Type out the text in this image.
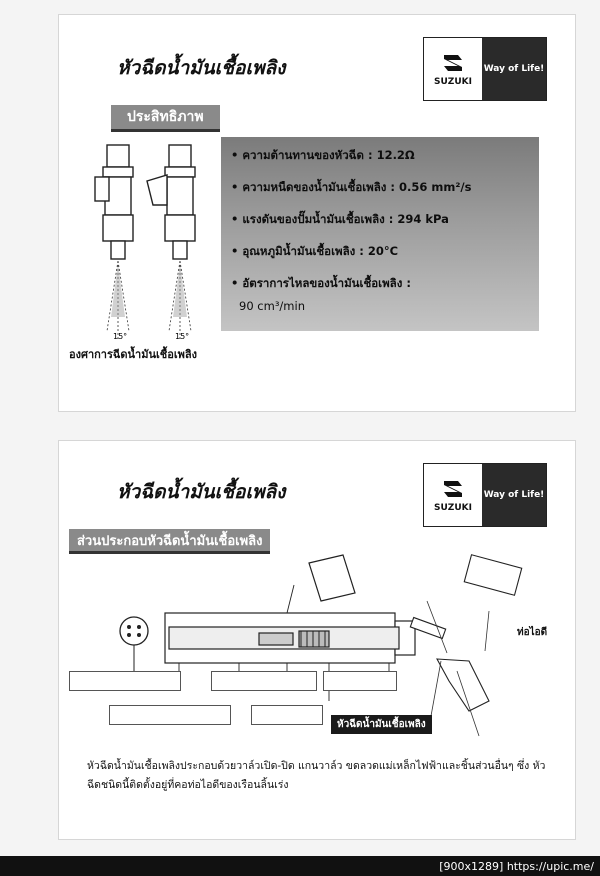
หัวฉีดน้ำมันเชื้อเพลิง
SUZUKI
Way of Life!
ประสิทธิภาพ
15°	15°
• ความต้านทานของหัวฉีด : 12.2Ω
• ความหนืดของน้ำมันเชื้อเพลิง : 0.56 mm²/s
• แรงดันของปั๊มน้ำมันเชื้อเพลิง : 294 kPa
• อุณหภูมิน้ำมันเชื้อเพลิง : 20°C
• อัตราการไหลของน้ำมันเชื้อเพลิง :
90 cm³/min
องศาการฉีดน้ำมันเชื้อเพลิง
หัวฉีดน้ำมันเชื้อเพลิง
SUZUKI
Way of Life!
ส่วนประกอบหัวฉีดน้ำมันเชื้อเพลิง
ท่อไอดี
หัวฉีดน้ำมันเชื้อเพลิง
หัวฉีดน้ำมันเชื้อเพลิงประกอบด้วยวาล์วเปิด-ปิด แกนวาล์ว ขดลวดแม่เหล็กไฟฟ้าและชิ้นส่วนอื่นๆ ซึ่ง หัวฉีดชนิดนี้ติดตั้งอยู่ที่คอท่อไอดีของเรือนลิ้นเร่ง
[900x1289] https://upic.me/
